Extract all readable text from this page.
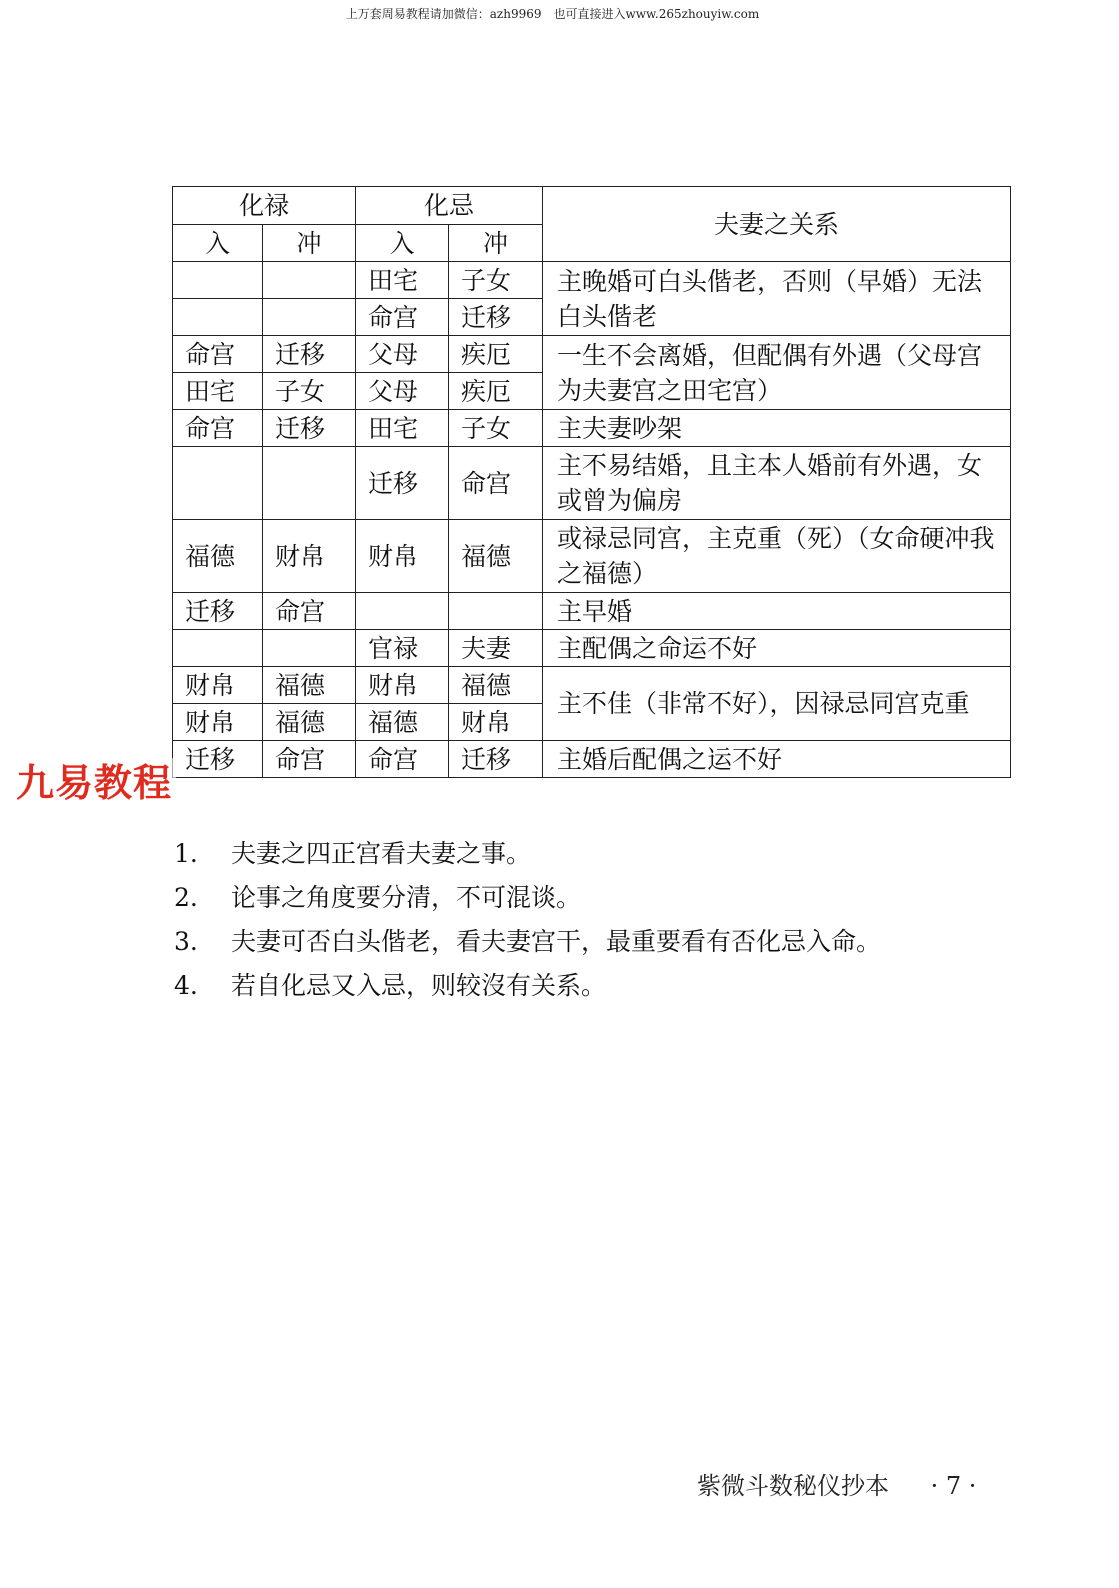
上万套周易教程请加微信：azh9969　也可直接进入www.265zhouyiw.com
化禄		化忌		夫妻之关系
入	冲	入	冲	
		田宅	子女	主晚婚可白头偕老，否则（早婚）无法白头偕老
		命宫	迁移	
命宫	迁移	父母	疾厄	一生不会离婚，但配偶有外遇（父母宫为夫妻宫之田宅宫）
田宅	子女	父母	疾厄	
命宫	迁移	田宅	子女	主夫妻吵架
		迁移	命宫	主不易结婚，且主本人婚前有外遇，女或曾为偏房
福德	财帛	财帛	福德	或禄忌同宫，主克重（死）（女命硬冲我之福德）
迁移	命宫			主早婚
		官禄	夫妻	主配偶之命运不好
财帛	福德	财帛	福德	主不佳（非常不好），因禄忌同宫克重
财帛	福德	福德	财帛	
迁移	命宫	命宫	迁移	主婚后配偶之运不好
九易教程
1.	夫妻之四正宫看夫妻之事。
2.	论事之角度要分清，不可混谈。
3.	夫妻可否白头偕老，看夫妻宫干，最重要看有否化忌入命。
4.	若自化忌又入忌，则较沒有关系。
紫微斗数秘仪抄本 · 7 ·
